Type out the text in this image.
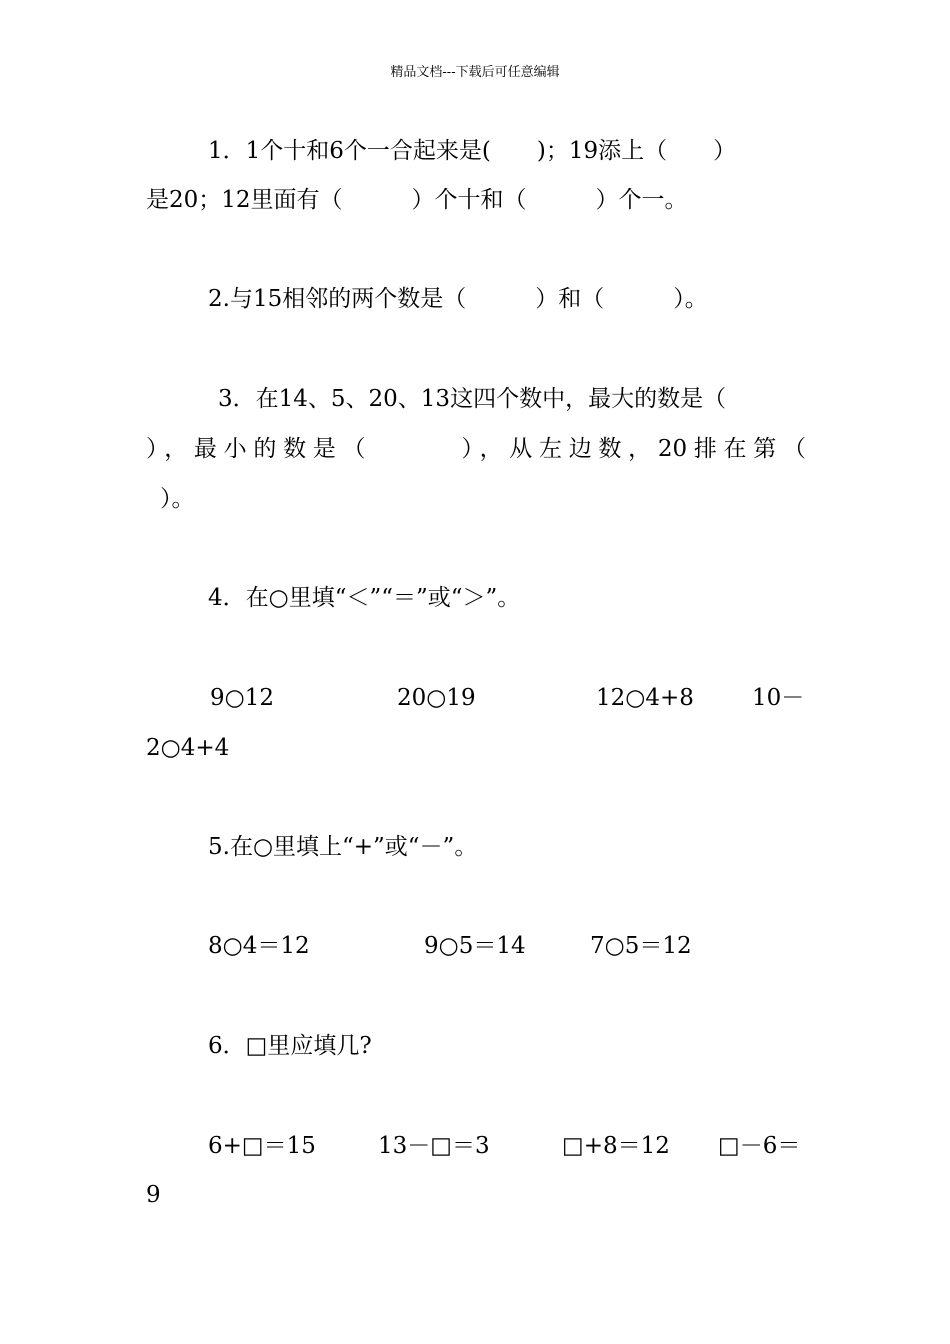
精品文档---下载后可任意编辑
1．1个十和6个一合起来是(　　)；19添上（　　）
是20；12里面有（　　　）个十和（　　　）个一。
2.与15相邻的两个数是（　　　）和（　　　）。
3．在14、5、20、13这四个数中，最大的数是（
），最小的数是（　　　），从左边数，20排在第（
）。
4．在○里填“＜”“＝”或“＞”。
9○12	20○19	12○4+8	10－
2○4+4
5.在○里填上“+”或“－”。
8○4＝12	9○5＝14	7○5＝12
6．□里应填几?
6+□＝15	13－□＝3	□+8＝12 □－6＝
9
